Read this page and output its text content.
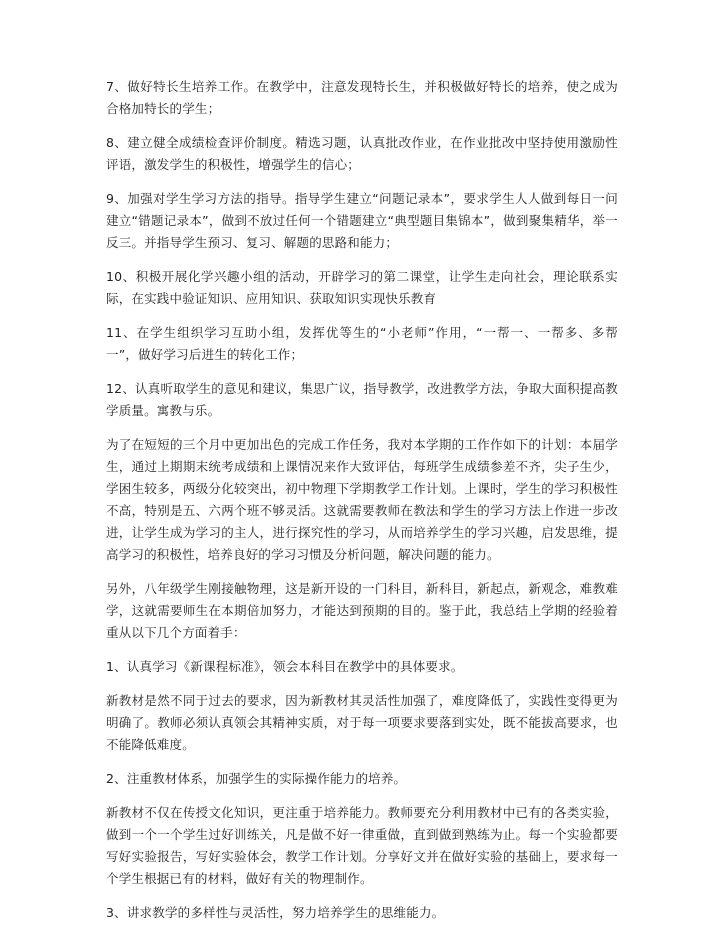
7、做好特长生培养工作。在教学中，注意发现特长生，并积极做好特长的培养，使之成为合格加特长的学生；

8、建立健全成绩检查评价制度。精选习题，认真批改作业，在作业批改中坚持使用激励性评语，激发学生的积极性，增强学生的信心；

9、加强对学生学习方法的指导。指导学生建立“问题记录本”，要求学生人人做到每日一问建立“错题记录本”，做到不放过任何一个错题建立“典型题目集锦本”，做到聚集精华，举一反三。并指导学生预习、复习、解题的思路和能力；

10、积极开展化学兴趣小组的活动，开辟学习的第二课堂，让学生走向社会，理论联系实际，在实践中验证知识、应用知识、获取知识实现快乐教育

11、在学生组织学习互助小组，发挥优等生的“小老师”作用，“一帮一、一帮多、多帮一”，做好学习后进生的转化工作；

12、认真听取学生的意见和建议，集思广议，指导教学，改进教学方法，争取大面积提高教学质量。寓教与乐。

为了在短短的三个月中更加出色的完成工作任务，我对本学期的工作作如下的计划：本届学生，通过上期期末统考成绩和上课情况来作大致评估，每班学生成绩参差不齐，尖子生少，学困生较多，两级分化较突出，初中物理下学期教学工作计划。上课时，学生的学习积极性不高，特别是五、六两个班不够灵活。这就需要教师在教法和学生的学习方法上作进一步改进，让学生成为学习的主人，进行探究性的学习，从而培养学生的学习兴趣，启发思维，提高学习的积极性，培养良好的学习习惯及分析问题，解决问题的能力。

另外，八年级学生刚接触物理，这是新开设的一门科目，新科目，新起点，新观念，难教难学，这就需要师生在本期倍加努力，才能达到预期的目的。鉴于此，我总结上学期的经验着重从以下几个方面着手：

1、认真学习《新课程标准》，领会本科目在教学中的具体要求。

新教材是然不同于过去的要求，因为新教材其灵活性加强了，难度降低了，实践性变得更为明确了。教师必须认真领会其精神实质，对于每一项要求要落到实处，既不能拔高要求，也不能降低难度。

2、注重教材体系，加强学生的实际操作能力的培养。

新教材不仅在传授文化知识，更注重于培养能力。教师要充分利用教材中已有的各类实验，做到一个一个学生过好训练关，凡是做不好一律重做，直到做到熟练为止。每一个实验都要写好实验报告，写好实验体会，教学工作计划。分享好文并在做好实验的基础上，要求每一个学生根据已有的材料，做好有关的物理制作。

3、讲求教学的多样性与灵活性，努力培养学生的思维能力。
